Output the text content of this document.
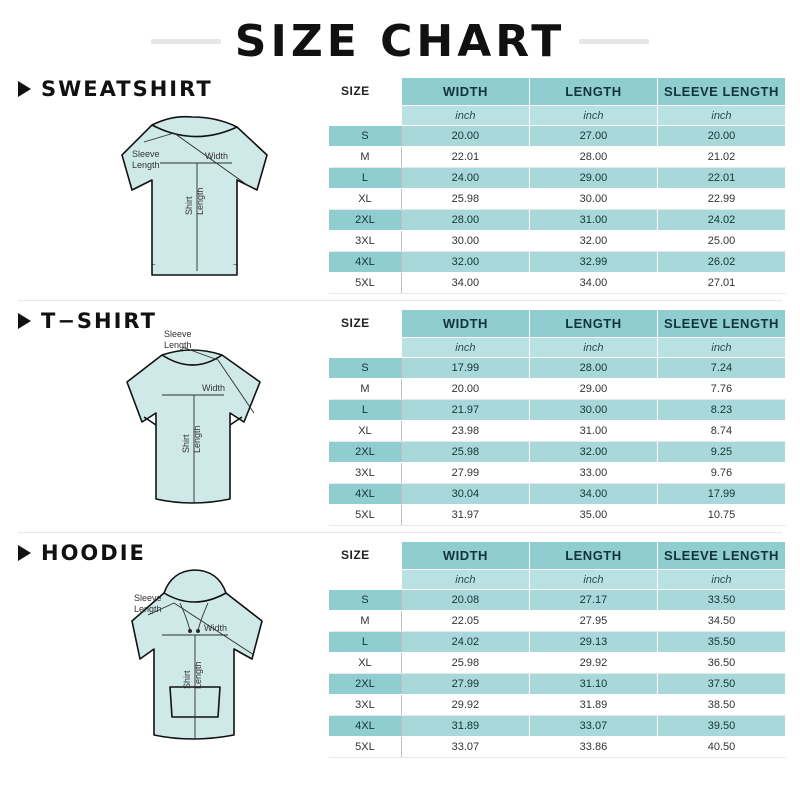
SIZE CHART
SWEATSHIRT
Sleeve
Length
Width
Shirt Length
SIZE	WIDTH	LENGTH	SLEEVE LENGTH
	inch	inch	inch
S	20.00	27.00	20.00
M	22.01	28.00	21.02
L	24.00	29.00	22.01
XL	25.98	30.00	22.99
2XL	28.00	31.00	24.02
3XL	30.00	32.00	25.00
4XL	32.00	32.99	26.02
5XL	34.00	34.00	27.01
T−SHIRT
Sleeve
Length
Width
Shirt Length
SIZE	WIDTH	LENGTH	SLEEVE LENGTH
	inch	inch	inch
S	17.99	28.00	7.24
M	20.00	29.00	7.76
L	21.97	30.00	8.23
XL	23.98	31.00	8.74
2XL	25.98	32.00	9.25
3XL	27.99	33.00	9.76
4XL	30.04	34.00	17.99
5XL	31.97	35.00	10.75
HOODIE
Sleeve
Length
Width
Shirt Length
SIZE	WIDTH	LENGTH	SLEEVE LENGTH
	inch	inch	inch
S	20.08	27.17	33.50
M	22.05	27.95	34.50
L	24.02	29.13	35.50
XL	25.98	29.92	36.50
2XL	27.99	31.10	37.50
3XL	29.92	31.89	38.50
4XL	31.89	33.07	39.50
5XL	33.07	33.86	40.50
